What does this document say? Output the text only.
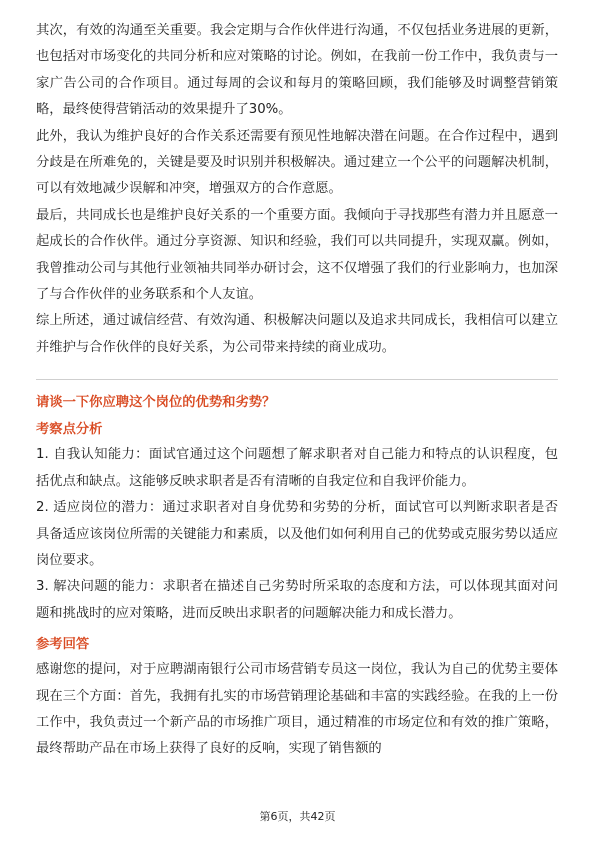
其次，有效的沟通至关重要。我会定期与合作伙伴进行沟通，不仅包括业务进展的更新，也包括对市场变化的共同分析和应对策略的讨论。例如，在我前一份工作中，我负责与一家广告公司的合作项目。通过每周的会议和每月的策略回顾，我们能够及时调整营销策略，最终使得营销活动的效果提升了30%。

此外，我认为维护良好的合作关系还需要有预见性地解决潜在问题。在合作过程中，遇到分歧是在所难免的，关键是要及时识别并积极解决。通过建立一个公平的问题解决机制，可以有效地减少误解和冲突，增强双方的合作意愿。

最后，共同成长也是维护良好关系的一个重要方面。我倾向于寻找那些有潜力并且愿意一起成长的合作伙伴。通过分享资源、知识和经验，我们可以共同提升，实现双赢。例如，我曾推动公司与其他行业领袖共同举办研讨会，这不仅增强了我们的行业影响力，也加深了与合作伙伴的业务联系和个人友谊。

综上所述，通过诚信经营、有效沟通、积极解决问题以及追求共同成长，我相信可以建立并维护与合作伙伴的良好关系，为公司带来持续的商业成功。

请谈一下你应聘这个岗位的优势和劣势？

考察点分析

1. 自我认知能力：面试官通过这个问题想了解求职者对自己能力和特点的认识程度，包括优点和缺点。这能够反映求职者是否有清晰的自我定位和自我评价能力。

2. 适应岗位的潜力：通过求职者对自身优势和劣势的分析，面试官可以判断求职者是否具备适应该岗位所需的关键能力和素质，以及他们如何利用自己的优势或克服劣势以适应岗位要求。

3. 解决问题的能力：求职者在描述自己劣势时所采取的态度和方法，可以体现其面对问题和挑战时的应对策略，进而反映出求职者的问题解决能力和成长潜力。

参考回答

感谢您的提问，对于应聘湖南银行公司市场营销专员这一岗位，我认为自己的优势主要体现在三个方面：首先，我拥有扎实的市场营销理论基础和丰富的实践经验。在我的上一份工作中，我负责过一个新产品的市场推广项目，通过精准的市场定位和有效的推广策略，最终帮助产品在市场上获得了良好的反响，实现了销售额的

第6页，共42页
